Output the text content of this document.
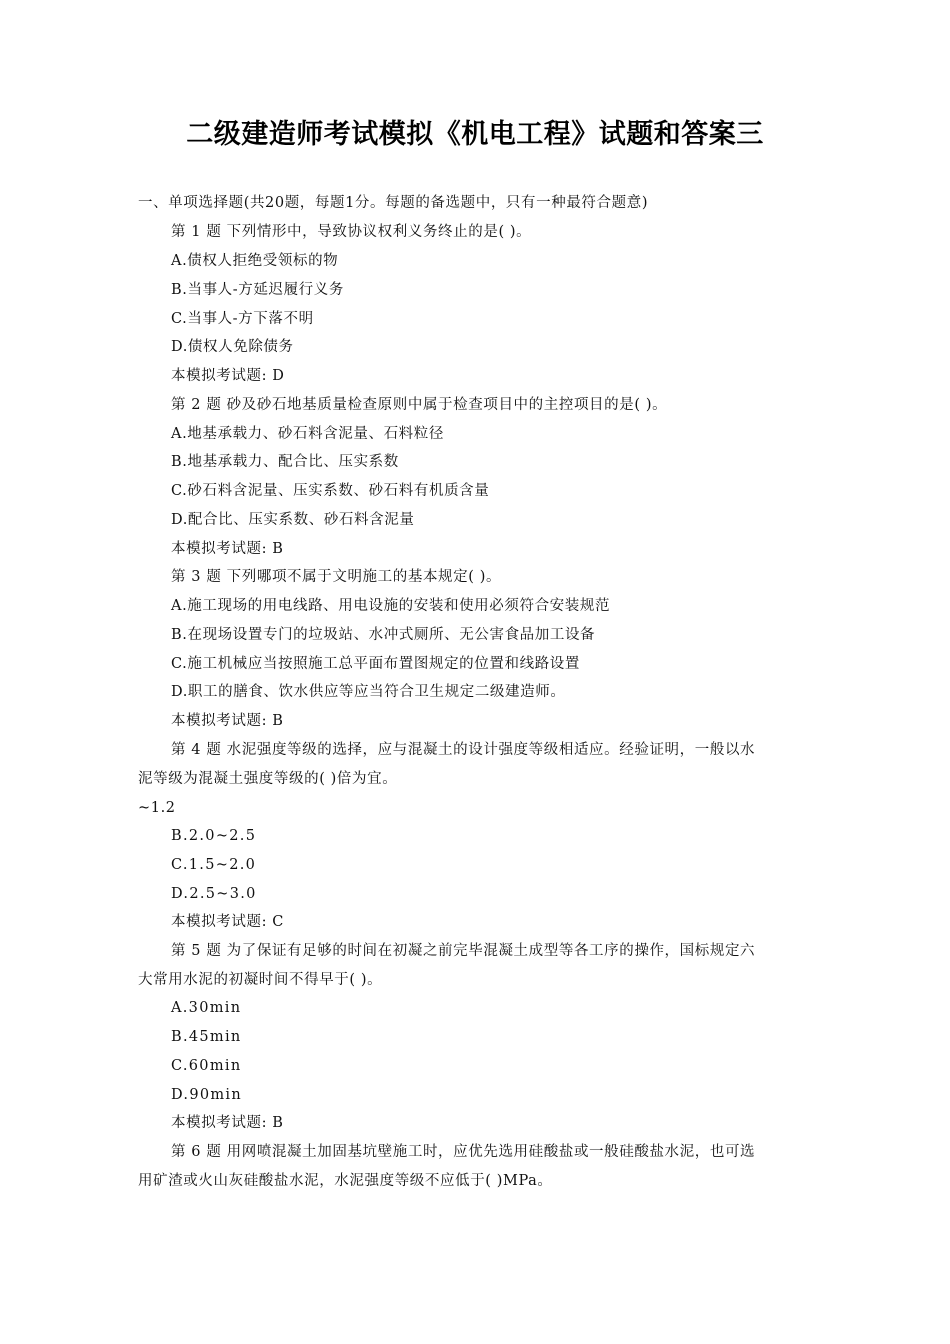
二级建造师考试模拟《机电工程》试题和答案三
一、单项选择题(共20题，每题1分。每题的备选题中，只有一种最符合题意)
第 1 题 下列情形中，导致协议权利义务终止的是( )。
A.债权人拒绝受领标的物
B.当事人-方延迟履行义务
C.当事人-方下落不明
D.债权人免除债务
本模拟考试题: D
第 2 题 砂及砂石地基质量检查原则中属于检查项目中的主控项目的是( )。
A.地基承载力、砂石料含泥量、石料粒径
B.地基承载力、配合比、压实系数
C.砂石料含泥量、压实系数、砂石料有机质含量
D.配合比、压实系数、砂石料含泥量
本模拟考试题: B
第 3 题 下列哪项不属于文明施工的基本规定( )。
A.施工现场的用电线路、用电设施的安装和使用必须符合安装规范
B.在现场设置专门的垃圾站、水冲式厕所、无公害食品加工设备
C.施工机械应当按照施工总平面布置图规定的位置和线路设置
D.职工的膳食、饮水供应等应当符合卫生规定二级建造师。
本模拟考试题: B
第 4 题 水泥强度等级的选择，应与混凝土的设计强度等级相适应。经验证明，一般以水
泥等级为混凝土强度等级的( )倍为宜。
~1.2
B.2.0~2.5
C.1.5~2.0
D.2.5~3.0
本模拟考试题: C
第 5 题 为了保证有足够的时间在初凝之前完毕混凝土成型等各工序的操作，国标规定六
大常用水泥的初凝时间不得早于( )。
A.30min
B.45min
C.60min
D.90min
本模拟考试题: B
第 6 题 用网喷混凝土加固基坑壁施工时，应优先选用硅酸盐或一般硅酸盐水泥，也可选
用矿渣或火山灰硅酸盐水泥，水泥强度等级不应低于( )MPa。
